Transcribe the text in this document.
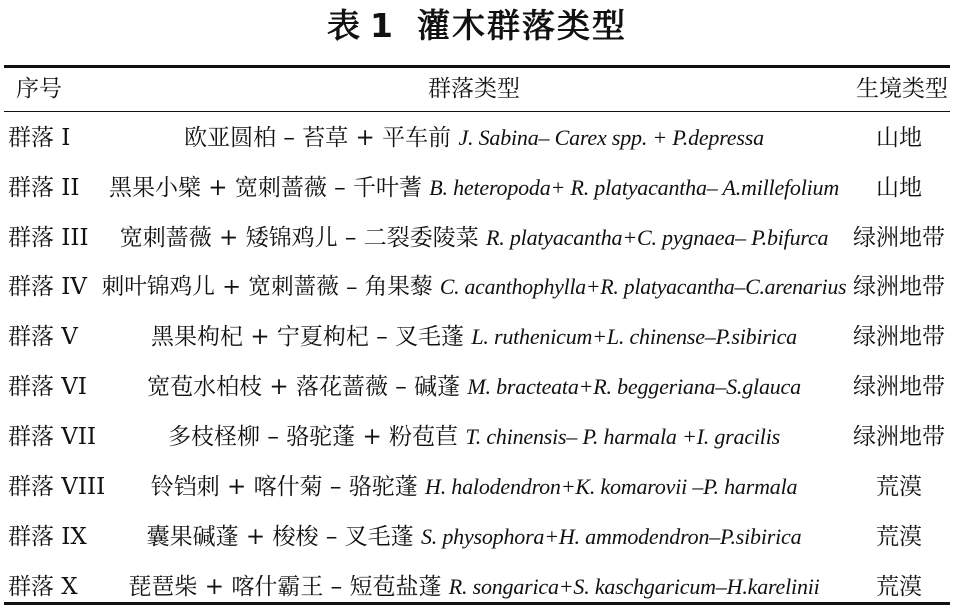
表 1 灌木群落类型
序号	群落类型	生境类型
群落 I	欧亚圆柏 – 苔草 + 平车前 J. Sabina– Carex spp. + P.depressa	山地
群落 II	黑果小檗 + 宽刺蔷薇 – 千叶蓍 B. heteropoda+ R. platyacantha– A.millefolium	山地
群落 III	宽刺蔷薇 + 矮锦鸡儿 – 二裂委陵菜 R. platyacantha+C. pygnaea– P.bifurca	绿洲地带
群落 IV	刺叶锦鸡儿 + 宽刺蔷薇 – 角果藜 C. acanthophylla+R. platyacantha–C.arenarius	绿洲地带
群落 V	黑果枸杞 + 宁夏枸杞 – 叉毛蓬 L. ruthenicum+L. chinense–P.sibirica	绿洲地带
群落 VI	宽苞水柏枝 + 落花蔷薇 – 碱蓬 M. bracteata+R. beggeriana–S.glauca	绿洲地带
群落 VII	多枝柽柳 – 骆驼蓬 + 粉苞苣 T. chinensis– P. harmala +I. gracilis	绿洲地带
群落 VIII	铃铛刺 + 喀什菊 – 骆驼蓬 H. halodendron+K. komarovii –P. harmala	荒漠
群落 IX	囊果碱蓬 + 梭梭 – 叉毛蓬 S. physophora+H. ammodendron–P.sibirica	荒漠
群落 X	琵琶柴 + 喀什霸王 – 短苞盐蓬 R. songarica+S. kaschgaricum–H.karelinii	荒漠
